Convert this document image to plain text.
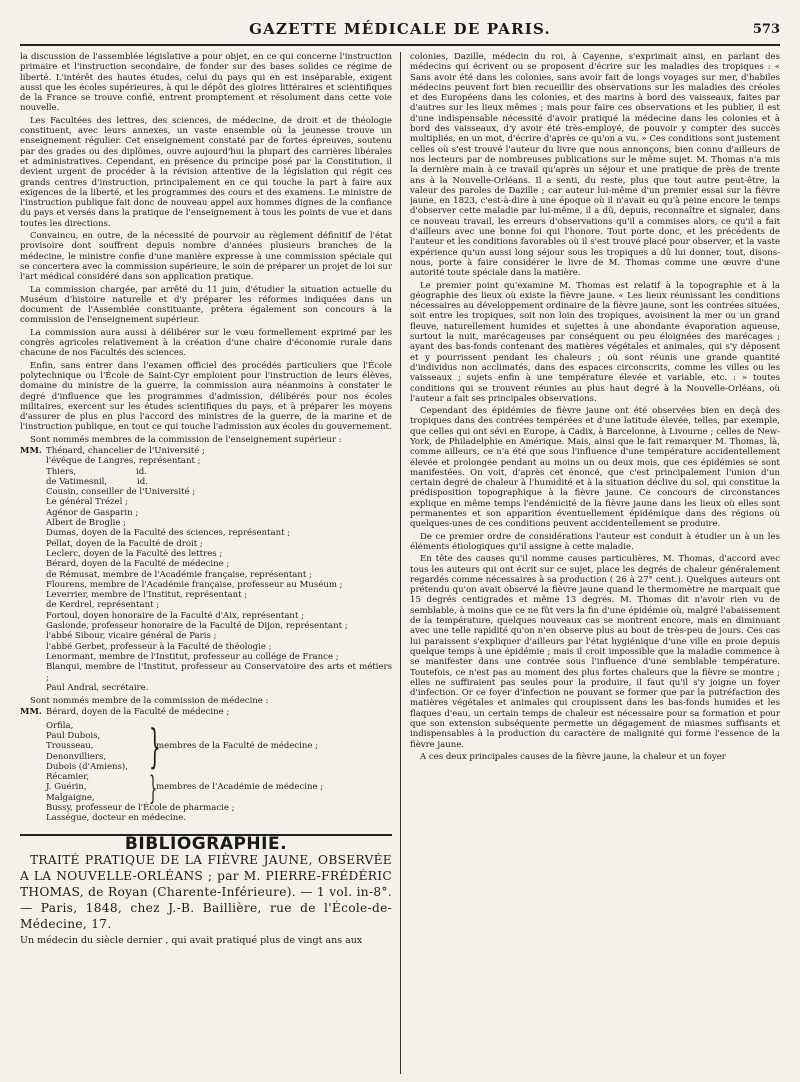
GAZETTE MÉDICALE DE PARIS.	573

la discussion de l'assemblée législative a pour objet, en ce qui concerne l'instruction primaire et l'instruction secondaire, de fonder sur des bases solides ce régime de liberté. L'intérêt des hautes études, celui du pays qui en est inséparable, exigent aussi que les écoles supérieures, à qui le dépôt des gloires littéraires et scientifiques de la France se trouve confié, entrent promptement et résolument dans cette voie nouvelle.

Les Facultées des lettres, des sciences, de médecine, de droit et de théologie constituent, avec leurs annexes, un vaste ensemble où la jeunesse trouve un enseignement régulier. Cet enseignement constaté par de fortes épreuves, soutenu par des grades ou des diplômes, ouvre aujourd'hui la plupart des carrières libérales et administratives. Cependant, en présence du principe posé par la Constitution, il devient urgent de procéder à la révision attentive de la législation qui régit ces grands centres d'instruction, principalement en ce qui touche la part à faire aux exigences de la liberté, et les programmes des cours et des examens. Le ministre de l'instruction publique fait donc de nouveau appel aux hommes dignes de la confiance du pays et versés dans la pratique de l'enseignement à tous les points de vue et dans toutes les directions.

Convaincu, en outre, de la nécessité de pourvoir au règlement définitif de l'état provisoire dont souffrent depuis nombre d'années plusieurs branches de la médecine, le ministre confie d'une manière expresse à une commission spéciale qui se concertera avec la commission supérieure, le soin de préparer un projet de loi sur l'art médical considéré dans son application pratique.

La commission chargée, par arrêté du 11 juin, d'étudier la situation actuelle du Muséum d'histoire naturelle et d'y préparer les réformes indiquées dans un document de l'Assemblée constituante, prêtera également son concours à la commission de l'enseignement supérieur.

La commission aura aussi à délibérer sur le vœu formellement exprimé par les congrès agricoles relativement à la création d'une chaire d'économie rurale dans chacune de nos Facultés des sciences.

Enfin, sans entrer dans l'examen officiel des procédés particuliers que l'École polytechnique ou l'École de Saint-Cyr emploient pour l'instruction de leurs élèves, domaine du ministre de la guerre, la commission aura néanmoins à constater le degré d'influence que les programmes d'admission, délibérés pour nos écoles militaires, exercent sur les études scientifiques du pays, et à préparer les moyens d'assurer de plus en plus l'accord des ministres de la guerre, de la marine et de l'instruction publique, en tout ce qui touche l'admission aux écoles du gouvernement.

Sont nommés membres de la commission de l'enseignement supérieur :
MM. Thénard, chancelier de l'Université ;
l'évêque de Langres, représentant ;
Thiers,                      id.
de Vatimesnil,           id.
Cousin, conseiller de l'Université ;
Le général Trézel ;
Agénor de Gasparin ;
Albert de Broglie ;
Dumas, doyen de la Faculté des sciences, représentant ;
Pellat, doyen de la Faculté de droit ;
Leclerc, doyen de la Faculté des lettres ;
Bérard, doyen de la Faculté de médecine ;
de Rémusat, membre de l'Académie française, représentant ;
Flourens, membre de l'Académie française, professeur au Muséum ;
Leverrier, membre de l'Institut, représentant ;
de Kerdrel, représentant ;
Fortoul, doyen honoraire de la Faculté d'Aix, représentant ;
Gaslonde, professeur honoraire de la Faculté de Dijon, représentant ;
l'abbé Sibour, vicaire général de Paris ;
l'abbé Gerbet, professeur à la Faculté de théologie ;
Lenormant, membre de l'Institut, professeur au collége de France ;
Blanqui, membre de l'Institut, professeur au Conservatoire des arts et métiers ;
Paul Andral, secrétaire.
Sont nommés membre de la commission de médecine :
MM. Bérard, doyen de la Faculté de médecine ;
Orfila,
Paul Dubois,
Trousseau,
Denonvilliers,
Dubois (d'Amiens), }membres de la Faculté de médecine ;
Récamier,
J. Guérin,
Malgaigne,	}membres de l'Académie de médecine ;
Bussy, professeur de l'École de pharmacie ;
Lasségue, docteur en médecine.
BIBLIOGRAPHIE.

TRAITÉ PRATIQUE DE LA FIÈVRE JAUNE, OBSERVÉE A LA NOUVELLE-ORLÉANS ; par M. PIERRE-FRÉDÉRIC THOMAS, de Royan (Charente-Inférieure). — 1 vol. in-8°. — Paris, 1848, chez J.-B. Baillière, rue de l'École-de-Médecine, 17.

Un médecin du siècle dernier , qui avait pratiqué plus de vingt ans aux

colonies, Dazille, médecin du roi, à Cayenne, s'exprimait ainsi, en parlant des médecins qui écrivent ou se proposent d'écrire sur les maladies des tropiques : « Sans avoir été dans les colonies, sans avoir fait de longs voyages sur mer, d'habiles médecins peuvent fort bien recueillir des observations sur les maladies des créoles et des Européens dans les colonies, et des marins à bord des vaisseaux, faites par d'autres sur les lieux mêmes ; mais pour faire ces observations et les publier, il est d'une indispensable nécessité d'avoir pratiqué la médecine dans les colonies et à bord des vaisseaux, d'y avoir été très-employé, de pouvoir y compter des succès multipliés, en un mot, d'écrire d'après ce qu'on a vu. » Ces conditions sont justement celles où s'est trouvé l'auteur du livre que nous annonçons, bien connu d'ailleurs de nos lecteurs par de nombreuses publications sur le même sujet. M. Thomas n'a mis la dernière main à ce travail qu'après un séjour et une pratique de près de trente ans à la Nouvelle-Orléans. Il a senti, du reste, plus que tout autre peut-être, la valeur des paroles de Dazille ; car auteur lui-même d'un premier essai sur la fièvre jaune, en 1823, c'est-à-dire à une époque où il n'avait eu qu'à peine encore le temps d'observer cette maladie par lui-même, il a dû, depuis, reconnaître et signaler, dans ce nouveau travail, les erreurs d'observations qu'il a commises alors, ce qu'il a fait d'ailleurs avec une bonne foi qui l'honore. Tout porte donc, et les précédents de l'auteur et les conditions favorables où il s'est trouvé placé pour observer, et la vaste expérience qu'un aussi long séjour sous les tropiques a dû lui donner, tout, disons-nous, porte à faire considérer le livre de M. Thomas comme une œuvre d'une autorité toute spéciale dans la matière.

Le premier point qu'examine M. Thomas est relatif à la topographie et à la géographie des lieux où existe la fièvre jaune. « Les lieux réunissant les conditions nécessaires au développement ordinaire de la fièvre jaune, sont les contrées situées, soit entre les tropiques, soit non loin des tropiques, avoisinent la mer ou un grand fleuve, naturellement humides et sujettes à une abondante évaporation aqueuse, surtout la nuit, marécageuses par conséquent ou peu éloignées des marécages ; ayant des bas-fonds contenant des matières végétales et animales, qui s'y déposent et y pourrissent pendant les chaleurs ; où sont réunis une grande quantité d'individus non acclimatés, dans des espaces circonscrits, comme les villes ou les vaisseaux ; sujets enfin à une température élevée et variable, etc. : » toutes conditions qui se trouvent réunies au plus haut degré à la Nouvelle-Orléans, où l'auteur a fait ses principales observations.

Cependant des épidémies de fièvre jaune ont été observées bien en deçà des tropiques dans des contrées tempérées et d'une latitude élevée, telles, par exemple, que celles qui ont sévi en Europe, à Cadix, à Barcelonne, à Livourne ; celles de New-York, de Philadelphie en Amérique. Mais, ainsi que le fait remarquer M. Thomas, là, comme ailleurs, ce n'a été que sous l'influence d'une température accidentellement élevée et prolongée pendant au moins un ou deux mois, que ces épidémies se sont manifestées. On voit, d'après cet énoncé, que c'est principalement l'union d'un certain degré de chaleur à l'humidité et à la situation déclive du sol, qui constitue la prédisposition topographique à la fièvre jaune. Ce concours de circonstances explique en même temps l'endémicité de la fièvre jaune dans les lieux où elles sont permanentes et son apparition éventuellement épidémique dans des régions où quelques-unes de ces conditions peuvent accidentellement se produire.

De ce premier ordre de considérations l'auteur est conduit à étudier un à un les éléments étiologiques qu'il assigne à cette maladie.

En tête des causes qu'il nomme causes particulières, M. Thomas, d'accord avec tous les auteurs qui ont écrit sur ce sujet, place les degrés de chaleur généralement regardés comme nécessaires à sa production ( 26 à 27° cent.). Quelques auteurs ont prétendu qu'on avait observé la fièvre jaune quand le thermomètre ne marquait que 15 degrés centigrades et même 13 degrés. M. Thomas dit n'avoir rien vu de semblable, à moins que ce ne fût vers la fin d'une épidémie où, malgré l'abaissement de la température, quelques nouveaux cas se montrent encore, mais en diminuant avec une telle rapidité qu'on n'en observe plus au bout de très-peu de jours. Ces cas lui paraissent s'expliquer d'ailleurs par l'état hygiénique d'une ville en proie depuis quelque temps à une épidémie ; mais il croit impossible que la maladie commence à se manifester dans une contrée sous l'influence d'une semblable température. Toutefois, ce n'est pas au moment des plus fortes chaleurs que la fièvre se montre ; elles ne suffiraient pas seules pour la produire, il faut qu'il s'y joigne un foyer d'infection. Or ce foyer d'infection ne pouvant se former que par la putréfaction des matières végétales et animales qui croupissent dans les bas-fonds humides et les flaques d'eau, un certain temps de chaleur est nécessaire pour sa formation et pour que son extension subséquente permette un dégagement de miasmes suffisants et indispensables à la production du caractère de malignité qui forme l'essence de la fièvre jaune.

A ces deux principales causes de la fièvre jaune, la chaleur et un foyer
